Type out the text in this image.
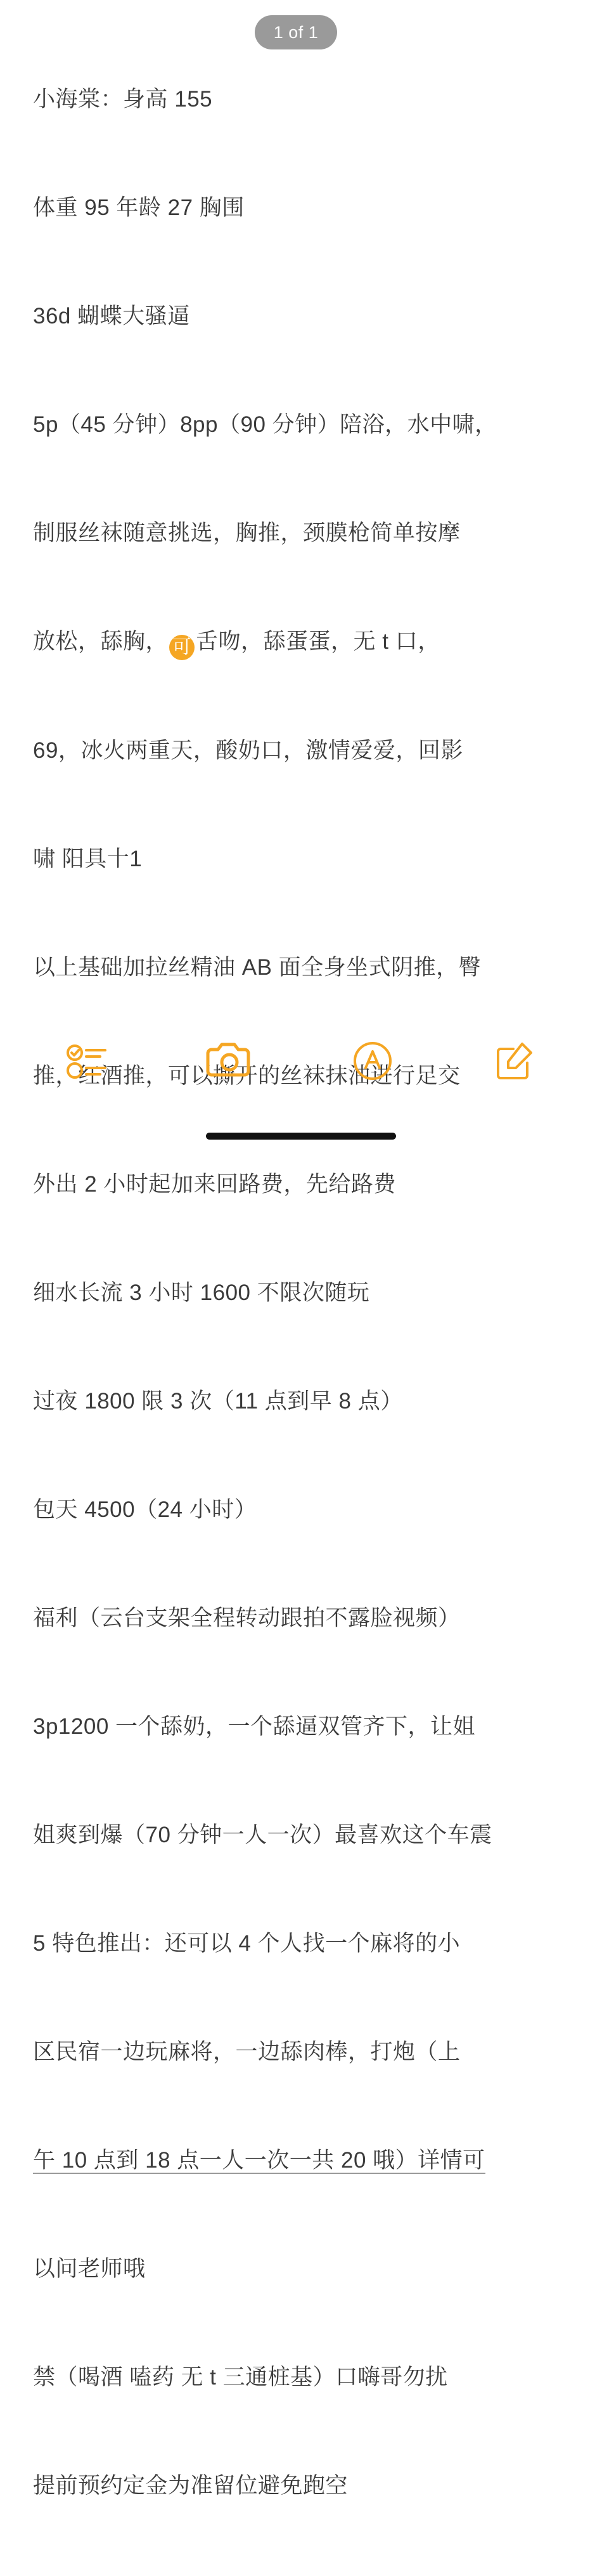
1 of 1

小海棠：身高 155

体重 95 年龄 27 胸围

36d 蝴蝶大骚逼

5p（45 分钟）8pp（90 分钟）陪浴，水中啸，

制服丝袜随意挑选，胸推，颈膜枪简单按摩

放松，舔胸， 可 舌吻，舔蛋蛋，无 t 口，

69，冰火两重天，酸奶口，激情爱爱，回影

啸 阳具十1

以上基础加拉丝精油 AB 面全身坐式阴推，臀

推，红酒推，可以撕开的丝袜抹油进行足交

外出 2 小时起加来回路费，先给路费

细水长流 3 小时 1600 不限次随玩

过夜 1800 限 3 次（11 点到早 8 点）

包天 4500（24 小时）

福利（云台支架全程转动跟拍不露脸视频）

3p1200 一个舔奶，一个舔逼双管齐下，让姐

姐爽到爆（70 分钟一人一次）最喜欢这个车震

5 特色推出：还可以 4 个人找一个麻将的小

区民宿一边玩麻将，一边舔肉棒，打炮（上

午 10 点到 18 点一人一次一共 20 哦）详情可

以问老师哦

禁（喝酒 嗑药 无 t 三通桩基）口嗨哥勿扰

提前预约定金为准留位避免跑空
